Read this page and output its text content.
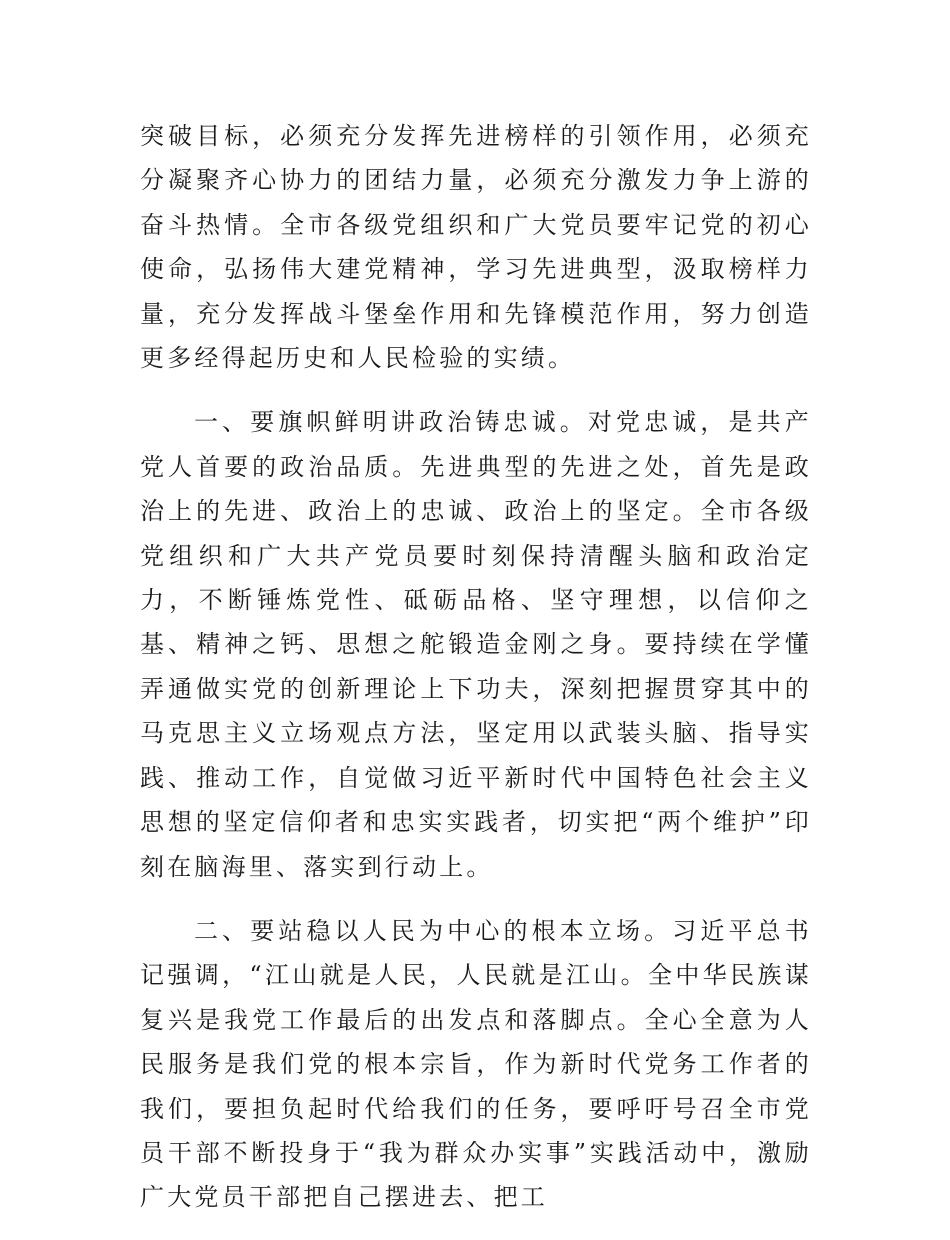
突破目标，必须充分发挥先进榜样的引领作用，必须充分凝聚齐心协力的团结力量，必须充分激发力争上游的奋斗热情。全市各级党组织和广大党员要牢记党的初心使命，弘扬伟大建党精神，学习先进典型，汲取榜样力量，充分发挥战斗堡垒作用和先锋模范作用，努力创造更多经得起历史和人民检验的实绩。

一、要旗帜鲜明讲政治铸忠诚。对党忠诚，是共产党人首要的政治品质。先进典型的先进之处，首先是政治上的先进、政治上的忠诚、政治上的坚定。全市各级党组织和广大共产党员要时刻保持清醒头脑和政治定力，不断锤炼党性、砥砺品格、坚守理想，以信仰之基、精神之钙、思想之舵锻造金刚之身。要持续在学懂弄通做实党的创新理论上下功夫，深刻把握贯穿其中的马克思主义立场观点方法，坚定用以武装头脑、指导实践、推动工作，自觉做习近平新时代中国特色社会主义思想的坚定信仰者和忠实实践者，切实把“两个维护”印刻在脑海里、落实到行动上。

二、要站稳以人民为中心的根本立场。习近平总书记强调，“江山就是人民，人民就是江山。全中华民族谋复兴是我党工作最后的出发点和落脚点。全心全意为人民服务是我们党的根本宗旨，作为新时代党务工作者的我们，要担负起时代给我们的任务，要呼吁号召全市党员干部不断投身于“我为群众办实事”实践活动中，激励广大党员干部把自己摆进去、把工
